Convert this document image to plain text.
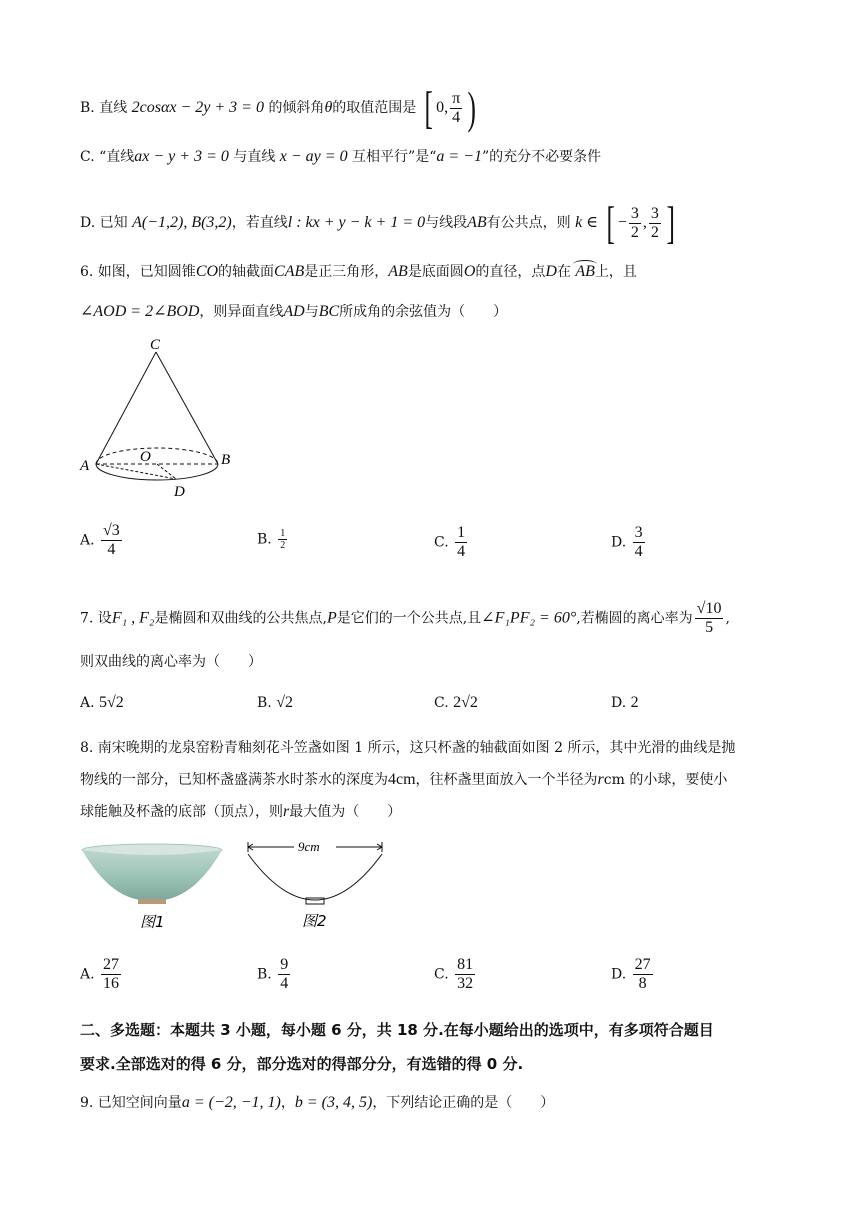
B. 直线 2cosαx − 2y + 3 = 0 的倾斜角θ的取值范围是 [ 0, $\frac{\pi}{4}$ )
C. “直线ax − y + 3 = 0 与直线 x − ay = 0 互相平行”是“a = −1”的充分不必要条件
D. 已知 A(−1,2), B(3,2)，若直线l : kx + y − k + 1 = 0与线段AB有公共点，则 k ∈ [ − $\frac{3}{2}$ , $\frac{3}{2}$ ]
6. 如图，已知圆锥CO的轴截面CAB是正三角形，AB是底面圆O的直径，点D在 AB上，且
∠AOD = 2∠BOD，则异面直线AD与BC所成角的余弦值为（　　）
C
O
A	B
D
A. $\frac{√3}{4}$	B. $\frac{1}{2}$	C. $\frac{1}{4}$	D. $\frac{3}{4}$
7. 设F₁ , F₂是椭圆和双曲线的公共焦点,P是它们的一个公共点,且∠F₁PF₂ = 60°,若椭圆的离心率为 $\frac{√10}{5}$ ,
则双曲线的离心率为（　　）
A. 5√2	B. √2	C. 2√2	D. 2
8. 南宋晚期的龙泉窑粉青釉刻花斗笠盏如图 1 所示，这只杯盏的轴截面如图 2 所示，其中光滑的曲线是抛
物线的一部分，已知杯盏盛满茶水时茶水的深度为4cm，往杯盏里面放入一个半径为rcm 的小球，要使小
球能触及杯盏的底部（顶点），则r最大值为（　　）
图1
9cm
图2
A. $\frac{27}{16}$	B. $\frac{9}{4}$	C. $\frac{81}{32}$	D. $\frac{27}{8}$
二、多选题：本题共 3 小题，每小题 6 分，共 18 分.在每小题给出的选项中，有多项符合题目
要求.全部选对的得 6 分，部分选对的得部分分，有选错的得 0 分.
9. 已知空间向量a = (−2, −1, 1)，b = (3, 4, 5)，下列结论正确的是（　　）
